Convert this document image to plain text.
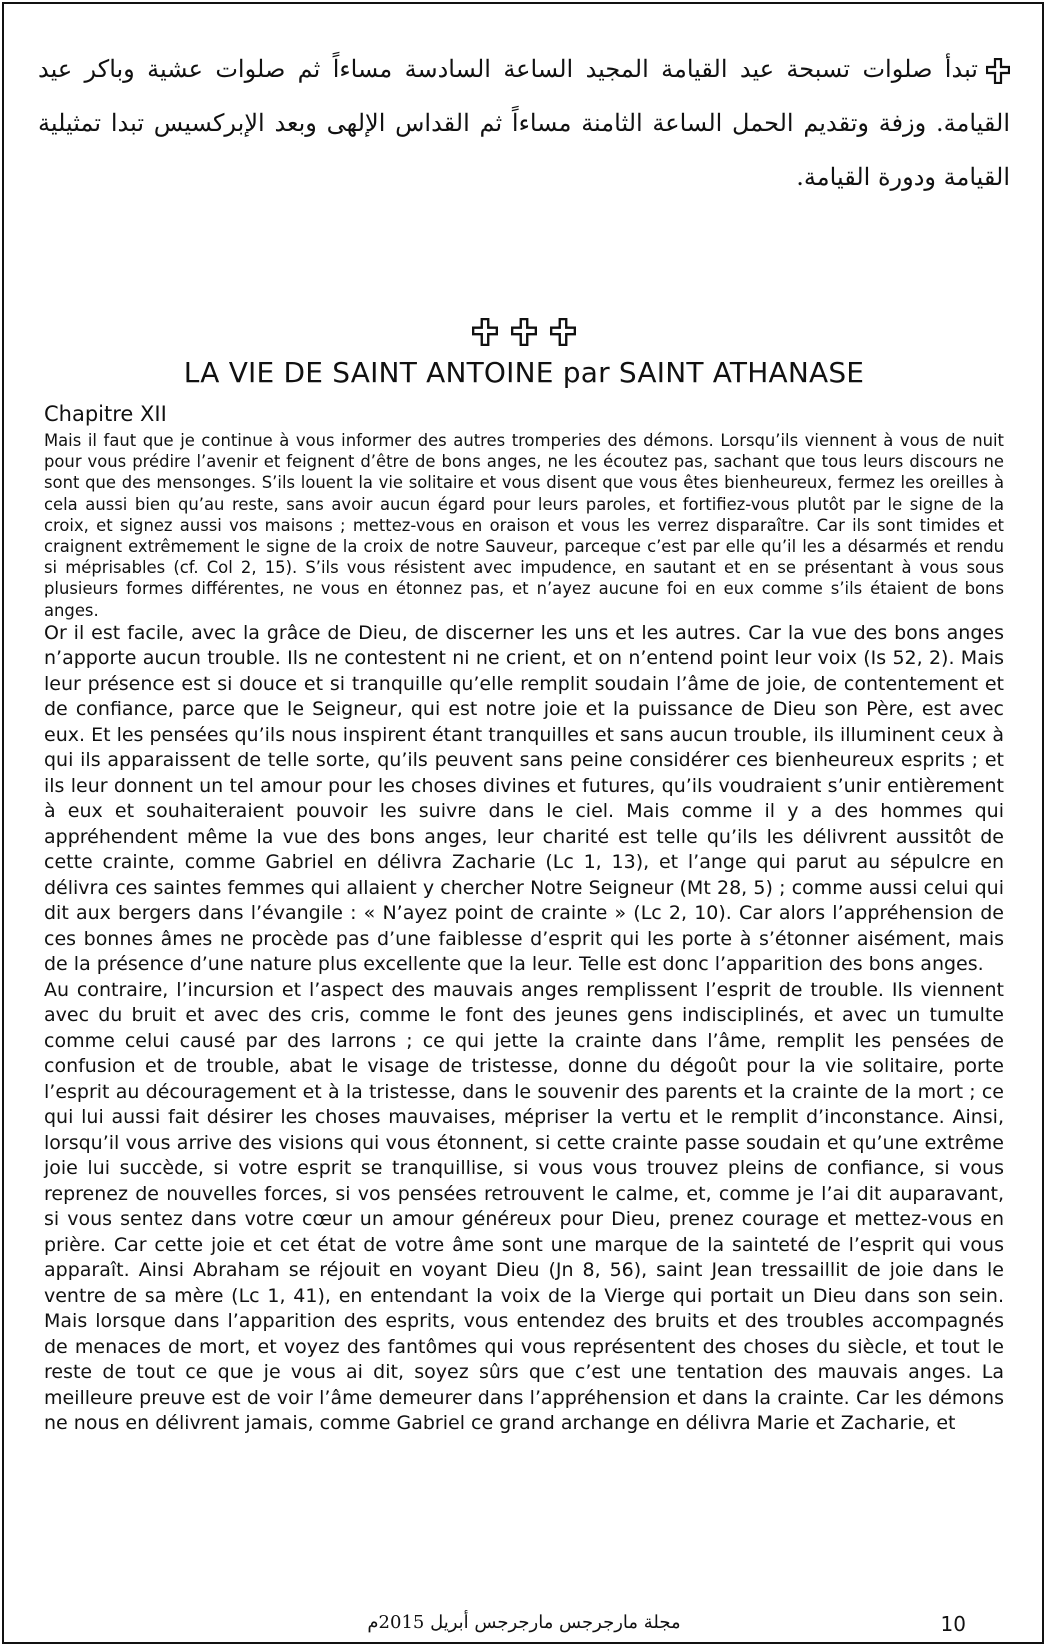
تبدأ صلوات تسبحة عيد القيامة المجيد الساعة السادسة مساءاً ثم صلوات عشية وباكر عيد القيامة. وزفة وتقديم الحمل الساعة الثامنة مساءاً ثم القداس الإلهى وبعد الإبركسيس تبدا تمثيلية القيامة ودورة القيامة.

LA VIE DE SAINT ANTOINE par SAINT ATHANASE
Chapitre XII

Mais il faut que je continue à vous informer des autres tromperies des démons. Lorsqu’ils viennent à vous de nuit pour vous prédire l’avenir et feignent d’être de bons anges, ne les écoutez pas, sachant que tous leurs discours ne sont que des mensonges. S’ils louent la vie solitaire et vous disent que vous êtes bienheureux, fermez les oreilles à cela aussi bien qu’au reste, sans avoir aucun égard pour leurs paroles, et fortifiez-vous plutôt par le signe de la croix, et signez aussi vos maisons ; mettez-vous en oraison et vous les verrez disparaître. Car ils sont timides et craignent extrêmement le signe de la croix de notre Sauveur, parceque c’est par elle qu’il les a désarmés et rendu si méprisables (cf. Col 2, 15). S’ils vous résistent avec impudence, en sautant et en se présentant à vous sous plusieurs formes différentes, ne vous en étonnez pas, et n’ayez aucune foi en eux comme s’ils étaient de bons anges.

Or il est facile, avec la grâce de Dieu, de discerner les uns et les autres. Car la vue des bons anges n’apporte aucun trouble. Ils ne contestent ni ne crient, et on n’entend point leur voix (Is 52, 2). Mais leur présence est si douce et si tranquille qu’elle remplit soudain l’âme de joie, de contentement et de confiance, parce que le Seigneur, qui est notre joie et la puissance de Dieu son Père, est avec eux. Et les pensées qu’ils nous inspirent étant tranquilles et sans aucun trouble, ils illuminent ceux à qui ils apparaissent de telle sorte, qu’ils peuvent sans peine considérer ces bienheureux esprits ; et ils leur donnent un tel amour pour les choses divines et futures, qu’ils voudraient s’unir entièrement à eux et souhaiteraient pouvoir les suivre dans le ciel. Mais comme il y a des hommes qui appréhendent même la vue des bons anges, leur charité est telle qu’ils les délivrent aussitôt de cette crainte, comme Gabriel en délivra Zacharie (Lc 1, 13), et l’ange qui parut au sépulcre en délivra ces saintes femmes qui allaient y chercher Notre Seigneur (Mt 28, 5) ; comme aussi celui qui dit aux bergers dans l’évangile : « N’ayez point de crainte » (Lc 2, 10). Car alors l’appréhension de ces bonnes âmes ne procède pas d’une faiblesse d’esprit qui les porte à s’étonner aisément, mais de la présence d’une nature plus excellente que la leur. Telle est donc l’apparition des bons anges.

Au contraire, l’incursion et l’aspect des mauvais anges remplissent l’esprit de trouble. Ils viennent avec du bruit et avec des cris, comme le font des jeunes gens indisciplinés, et avec un tumulte comme celui causé par des larrons ; ce qui jette la crainte dans l’âme, remplit les pensées de confusion et de trouble, abat le visage de tristesse, donne du dégoût pour la vie solitaire, porte l’esprit au découragement et à la tristesse, dans le souvenir des parents et la crainte de la mort ; ce qui lui aussi fait désirer les choses mauvaises, mépriser la vertu et le remplit d’inconstance. Ainsi, lorsqu’il vous arrive des visions qui vous étonnent, si cette crainte passe soudain et qu’une extrême joie lui succède, si votre esprit se tranquillise, si vous vous trouvez pleins de confiance, si vous reprenez de nouvelles forces, si vos pensées retrouvent le calme, et, comme je l’ai dit auparavant, si vous sentez dans votre cœur un amour généreux pour Dieu, prenez courage et mettez-vous en prière. Car cette joie et cet état de votre âme sont une marque de la sainteté de l’esprit qui vous apparaît. Ainsi Abraham se réjouit en voyant Dieu (Jn 8, 56), saint Jean tressaillit de joie dans le ventre de sa mère (Lc 1, 41), en entendant la voix de la Vierge qui portait un Dieu dans son sein. Mais lorsque dans l’apparition des esprits, vous entendez des bruits et des troubles accompagnés de menaces de mort, et voyez des fantômes qui vous représentent des choses du siècle, et tout le reste de tout ce que je vous ai dit, soyez sûrs que c’est une tentation des mauvais anges. La meilleure preuve est de voir l’âme demeurer dans l’appréhension et dans la crainte. Car les démons ne nous en délivrent jamais, comme Gabriel ce grand archange en délivra Marie et Zacharie, et

مجلة مارجرجس مارجرجس أبريل 2015م	10
